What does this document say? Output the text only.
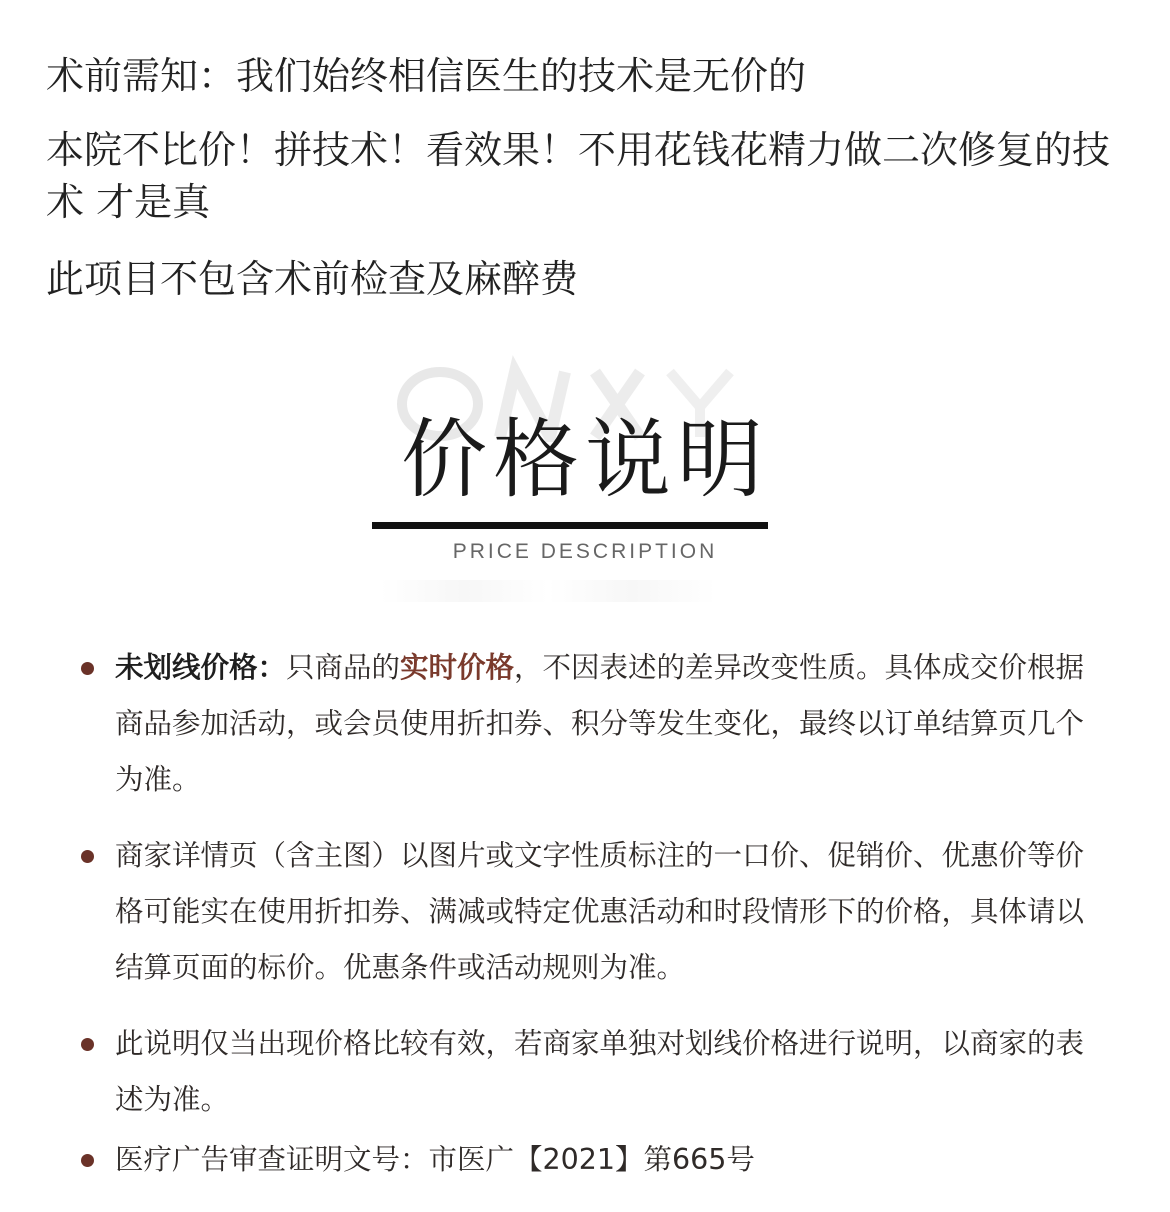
术前需知：我们始终相信医生的技术是无价的
本院不比价！拼技术！看效果！不用花钱花精力做二次修复的技术 才是真
此项目不包含术前检查及麻醉费
价格说明
PRICE DESCRIPTION
未划线价格：只商品的实时价格，不因表述的差异改变性质。具体成交价根据商品参加活动，或会员使用折扣券、积分等发生变化，最终以订单结算页几个为准。
商家详情页（含主图）以图片或文字性质标注的一口价、促销价、优惠价等价格可能实在使用折扣券、满减或特定优惠活动和时段情形下的价格，具体请以结算页面的标价。优惠条件或活动规则为准。
此说明仅当出现价格比较有效，若商家单独对划线价格进行说明，以商家的表述为准。
医疗广告审查证明文号：市医广【2021】第665号
